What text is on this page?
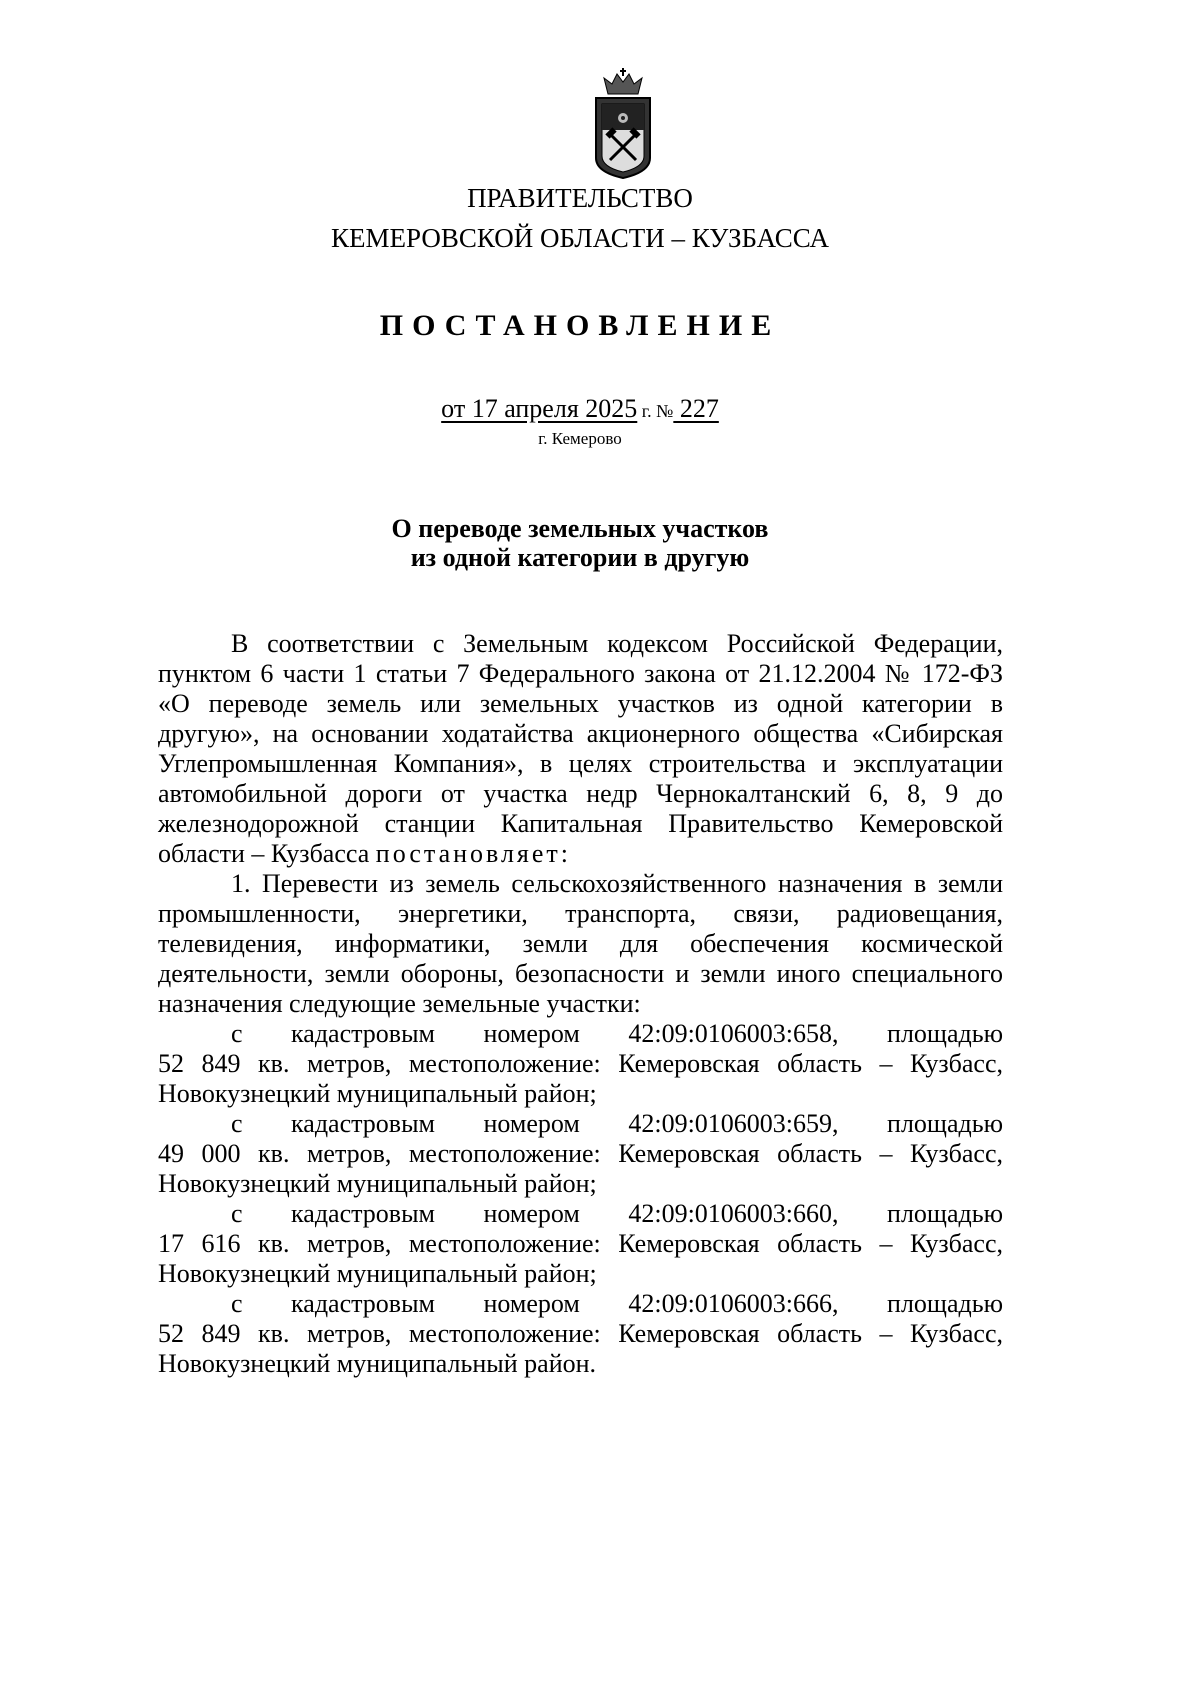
ПРАВИТЕЛЬСТВО
КЕМЕРОВСКОЙ ОБЛАСТИ – КУЗБАССА
ПОСТАНОВЛЕНИЕ
от 17 апреля 2025 г. № 227
г. Кемерово
О переводе земельных участков
из одной категории в другую
В соответствии с Земельным кодексом Российской Федерации,
пунктом 6 части 1 статьи 7 Федерального закона от 21.12.2004 № 172-ФЗ
«О переводе земель или земельных участков из одной категории в
другую», на основании ходатайства акционерного общества «Сибирская
Углепромышленная Компания», в целях строительства и эксплуатации
автомобильной дороги от участка недр Чернокалтанский 6, 8, 9 до
железнодорожной станции Капитальная Правительство Кемеровской
области – Кузбасса постановляет:
1. Перевести из земель сельскохозяйственного назначения в земли
промышленности, энергетики, транспорта, связи, радиовещания,
телевидения, информатики, земли для обеспечения космической
деятельности, земли обороны, безопасности и земли иного специального
назначения следующие земельные участки:
с кадастровым номером 42:09:0106003:658, площадью
52 849 кв. метров, местоположение: Кемеровская область – Кузбасс,
Новокузнецкий муниципальный район;
с кадастровым номером 42:09:0106003:659, площадью
49 000 кв. метров, местоположение: Кемеровская область – Кузбасс,
Новокузнецкий муниципальный район;
с кадастровым номером 42:09:0106003:660, площадью
17 616 кв. метров, местоположение: Кемеровская область – Кузбасс,
Новокузнецкий муниципальный район;
с кадастровым номером 42:09:0106003:666, площадью
52 849 кв. метров, местоположение: Кемеровская область – Кузбасс,
Новокузнецкий муниципальный район.
